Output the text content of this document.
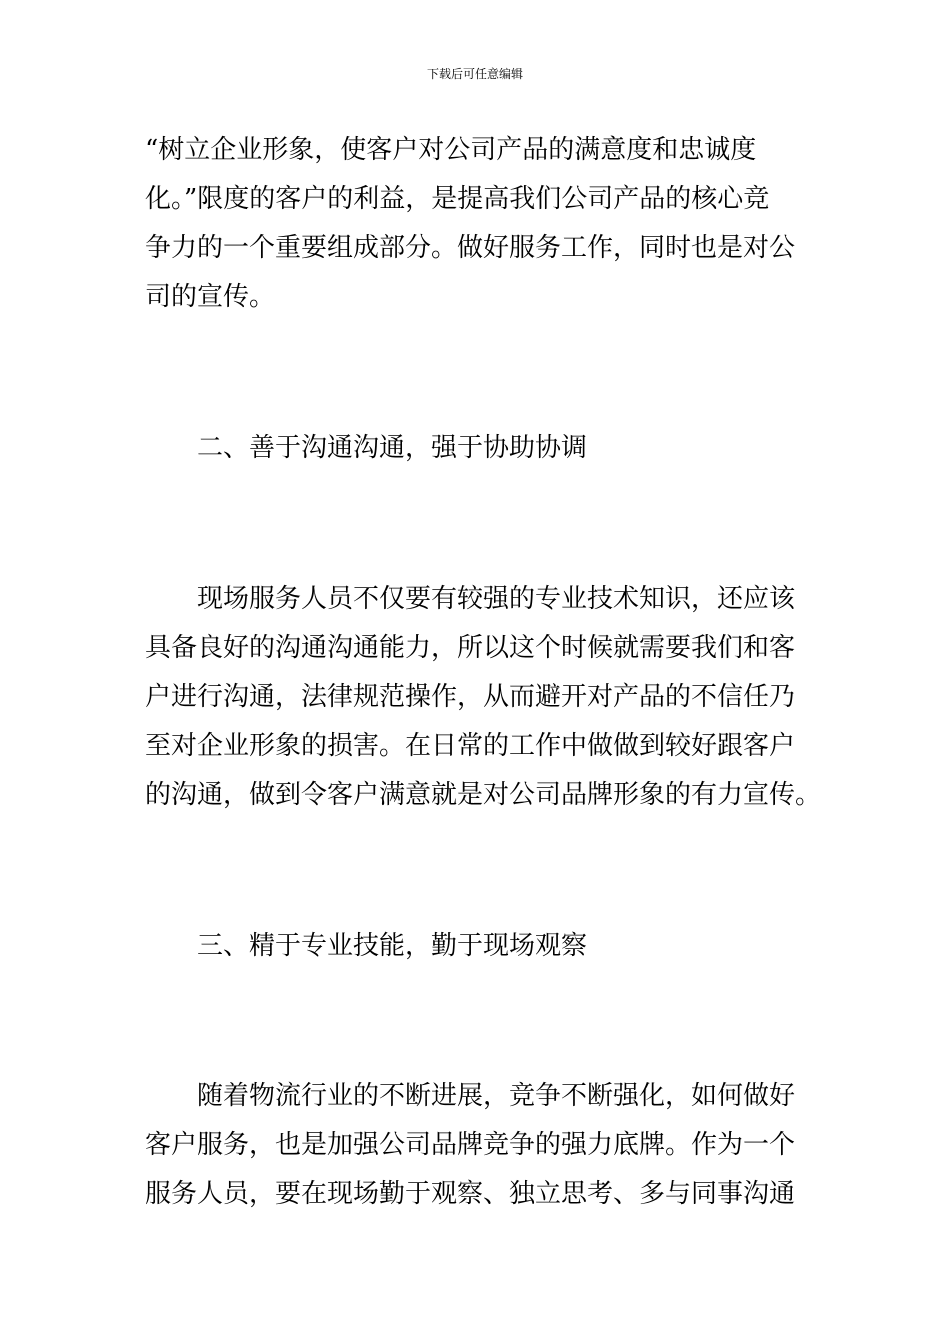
下载后可任意编辑

“树立企业形象，使客户对公司产品的满意度和忠诚度

化。”限度的客户的利益，是提高我们公司产品的核心竞

争力的一个重要组成部分。做好服务工作，同时也是对公

司的宣传。

二、善于沟通沟通，强于协助协调

现场服务人员不仅要有较强的专业技术知识，还应该

具备良好的沟通沟通能力，所以这个时候就需要我们和客

户进行沟通，法律规范操作，从而避开对产品的不信任乃

至对企业形象的损害。在日常的工作中做做到较好跟客户

的沟通，做到令客户满意就是对公司品牌形象的有力宣传。

三、精于专业技能，勤于现场观察

随着物流行业的不断进展，竞争不断强化，如何做好

客户服务，也是加强公司品牌竞争的强力底牌。作为一个

服务人员，要在现场勤于观察、独立思考、多与同事沟通
